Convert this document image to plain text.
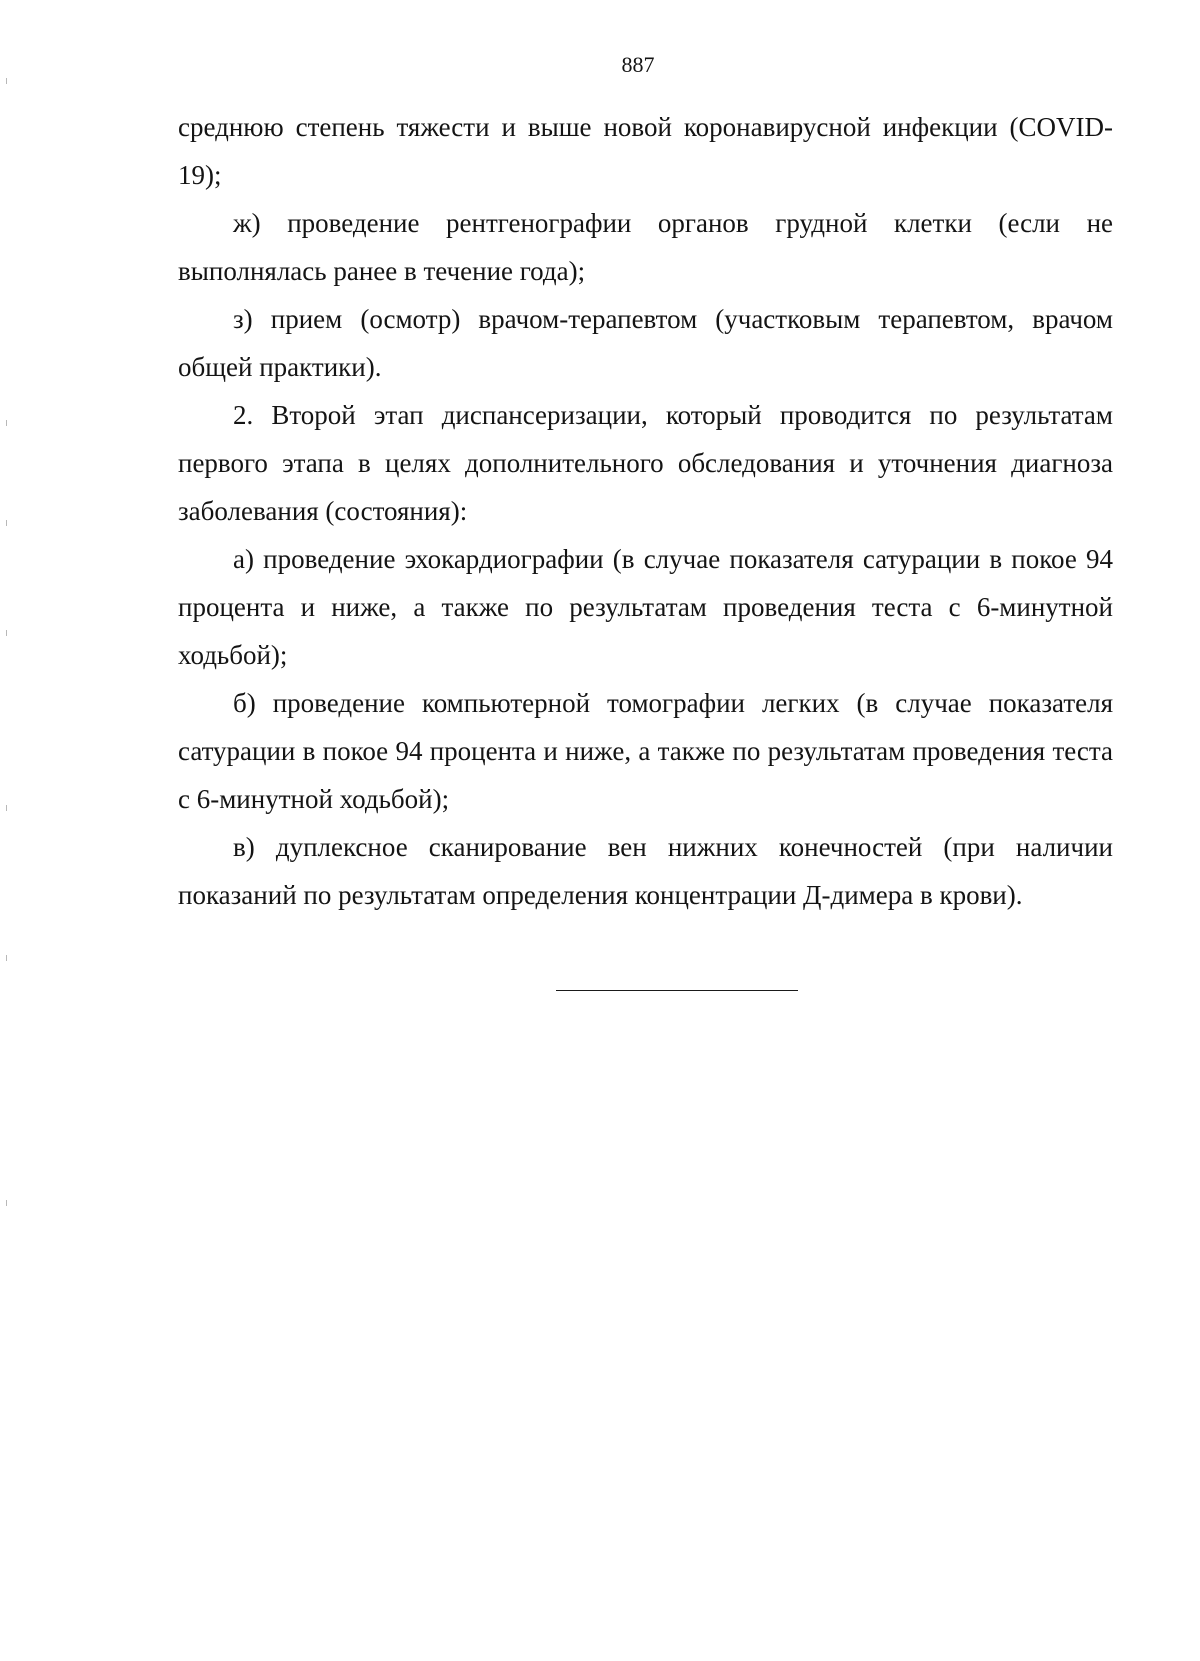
887

среднюю степень тяжести и выше новой коронавирусной инфекции (COVID-19);

ж) проведение рентгенографии органов грудной клетки (если не выполнялась ранее в течение года);

з) прием (осмотр) врачом-терапевтом (участковым терапевтом, врачом общей практики).

2. Второй этап диспансеризации, который проводится по результатам первого этапа в целях дополнительного обследования и уточнения диагноза заболевания (состояния):

а) проведение эхокардиографии (в случае показателя сатурации в покое 94 процента и ниже, а также по результатам проведения теста с 6-минутной ходьбой);

б) проведение компьютерной томографии легких (в случае показателя сатурации в покое 94 процента и ниже, а также по результатам проведения теста с 6-минутной ходьбой);

в) дуплексное сканирование вен нижних конечностей (при наличии показаний по результатам определения концентрации Д-димера в крови).
